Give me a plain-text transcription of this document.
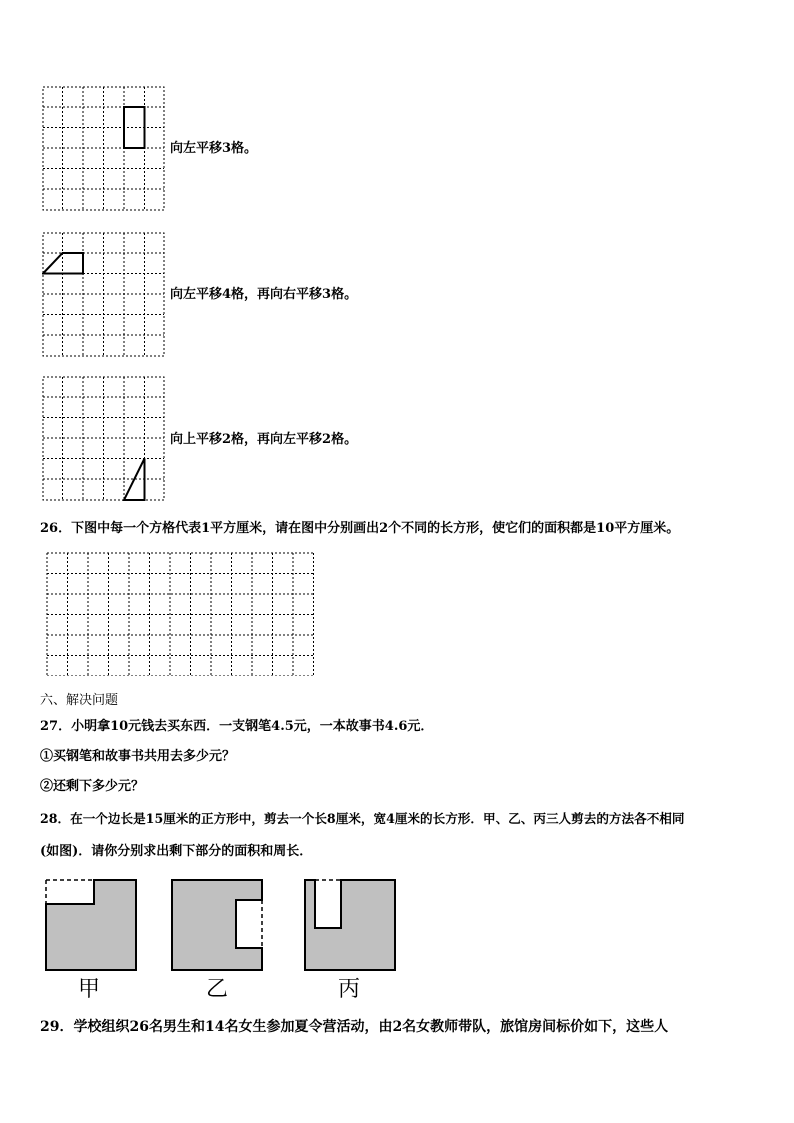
向左平移3格。
向左平移4格，再向右平移3格。
向上平移2格，再向左平移2格。
26．下图中每一个方格代表1平方厘米，请在图中分别画出2个不同的长方形，使它们的面积都是10平方厘米。
六、解决问题
27．小明拿10元钱去买东西．一支钢笔4.5元，一本故事书4.6元．
①买钢笔和故事书共用去多少元？
②还剩下多少元？
28．在一个边长是15厘米的正方形中，剪去一个长8厘米，宽4厘米的长方形．甲、乙、丙三人剪去的方法各不相同
(如图)．请你分别求出剩下部分的面积和周长．
甲	乙	丙
29．学校组织26名男生和14名女生参加夏令营活动，由2名女教师带队，旅馆房间标价如下，这些人
